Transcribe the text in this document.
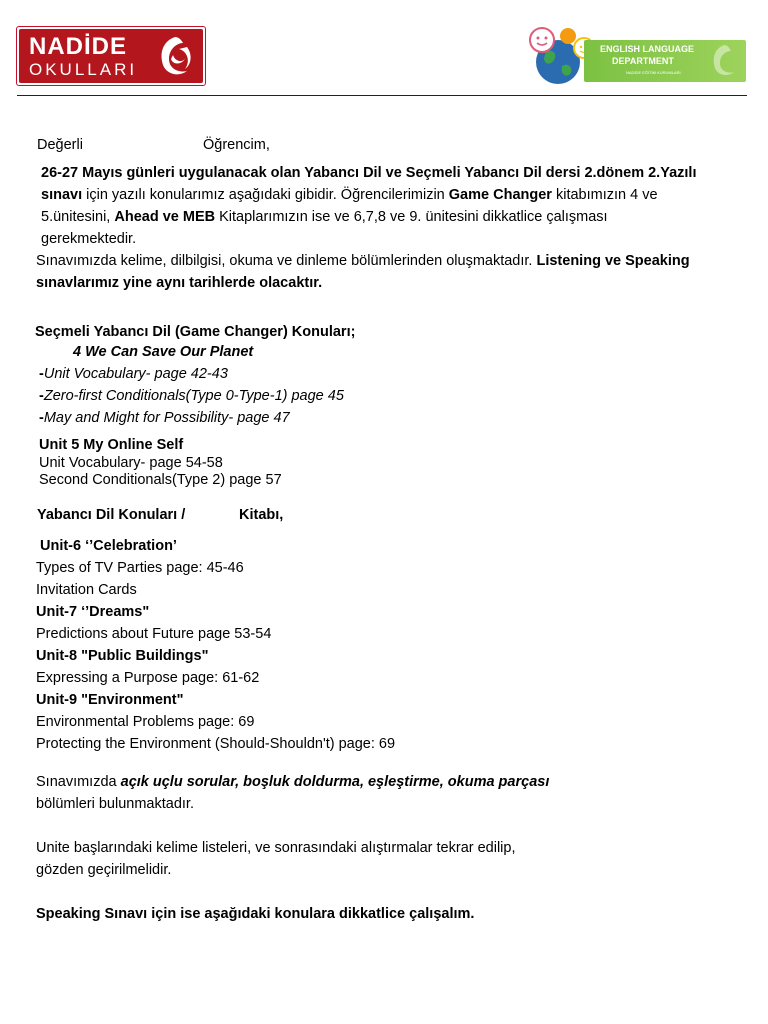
NADİDE
OKULLARI
ENGLISH LANGUAGE
DEPARTMENT
NADİDE EĞİTİM KURUMLARI
Değerli	Öğrencim,
26-27 Mayıs günleri uygulanacak olan Yabancı Dil ve Seçmeli Yabancı Dil dersi 2.dönem 2.Yazılı
sınavı için yazılı konularımız aşağıdaki gibidir. Öğrencilerimizin Game Changer kitabımızın 4 ve
5.ünitesini, Ahead ve MEB Kitaplarımızın ise ve 6,7,8 ve 9. ünitesini dikkatlice çalışması
gerekmektedir.
Sınavımızda kelime, dilbilgisi, okuma ve dinleme bölümlerinden oluşmaktadır. Listening ve Speaking
sınavlarımız yine aynı tarihlerde olacaktır.
Seçmeli Yabancı Dil (Game Changer) Konuları;
4 We Can Save Our Planet
-Unit Vocabulary- page 42-43
-Zero-first Conditionals(Type 0-Type-1) page 45
-May and Might for Possibility- page 47
Unit 5 My Online Self
Unit Vocabulary- page 54-58
Second Conditionals(Type 2) page 57
Yabancı Dil Konuları /	Kitabı,
Unit-6 ‘’Celebration’
Types of TV Parties page: 45-46
Invitation Cards
Unit-7 ‘’Dreams"
Predictions about Future page 53-54
Unit-8 "Public Buildings"
Expressing a Purpose page: 61-62
Unit-9 "Environment"
Environmental Problems page: 69
Protecting the Environment (Should-Shouldn't) page: 69
Sınavımızda açık uçlu sorular, boşluk doldurma, eşleştirme, okuma parçası
bölümleri bulunmaktadır.
Unite başlarındaki kelime listeleri, ve sonrasındaki alıştırmalar tekrar edilip,
gözden geçirilmelidir.
Speaking Sınavı için ise aşağıdaki konulara dikkatlice çalışalım.
